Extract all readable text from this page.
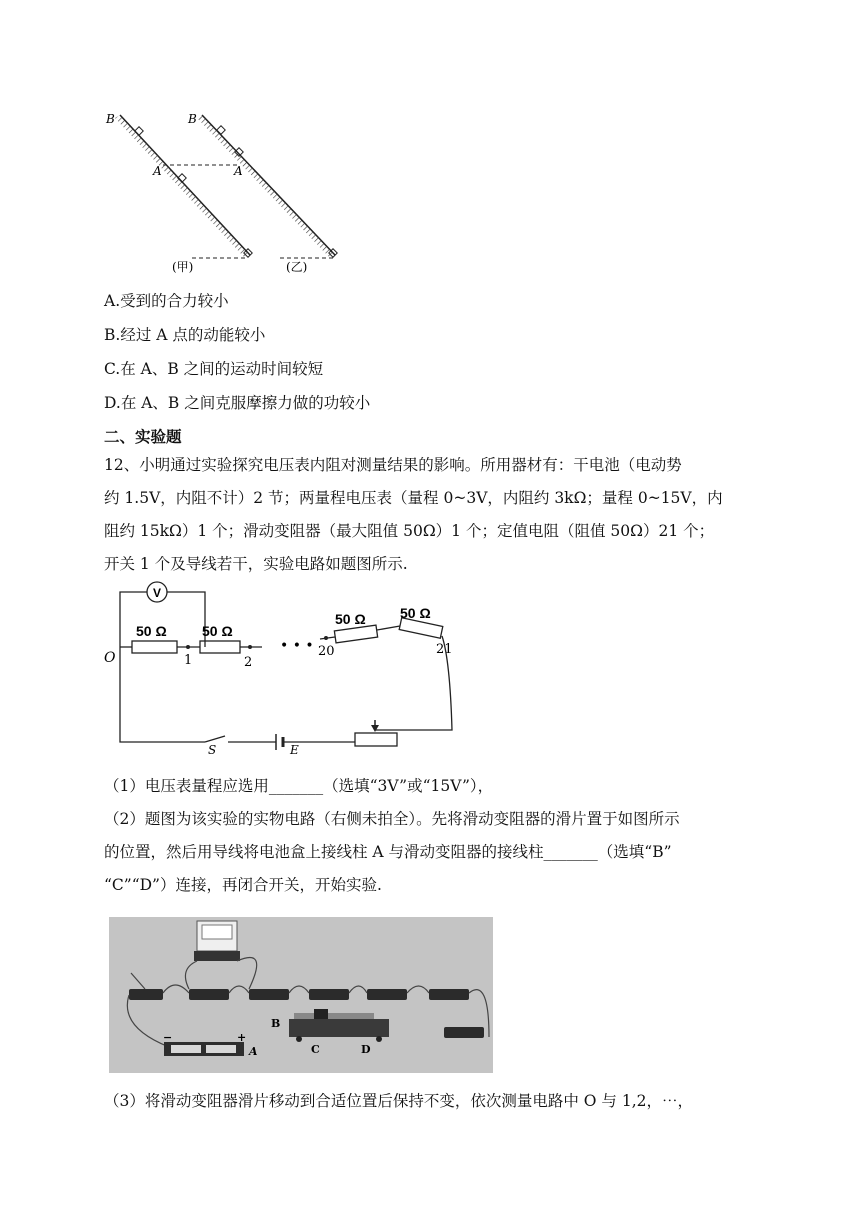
B	B
A	A
(甲)	(乙)
A.受到的合力较小
B.经过 A 点的动能较小
C.在 A、B 之间的运动时间较短
D.在 A、B 之间克服摩擦力做的功较小
二、实验题
12、小明通过实验探究电压表内阻对测量结果的影响。所用器材有：干电池（电动势
约 1.5V，内阻不计）2 节；两量程电压表（量程 0~3V，内阻约 3kΩ；量程 0~15V，内
阻约 15kΩ）1 个；滑动变阻器（最大阻值 50Ω）1 个；定值电阻（阻值 50Ω）21 个；
开关 1 个及导线若干，实验电路如题图所示.
V
50 Ω	50 Ω
50 Ω 50 Ω
O	1	2
• • • 20	21
S	E
（1）电压表量程应选用_______（选填“3V”或“15V”），
（2）题图为该实验的实物电路（右侧未拍全）。先将滑动变阻器的滑片置于如图所示
的位置，然后用导线将电池盒上接线柱 A 与滑动变阻器的接线柱_______（选填“B”
“C”“D”）连接，再闭合开关，开始实验.
−	+
A
B
C	D
（3）将滑动变阻器滑片移动到合适位置后保持不变，依次测量电路中 O 与 1,2，⋯，
